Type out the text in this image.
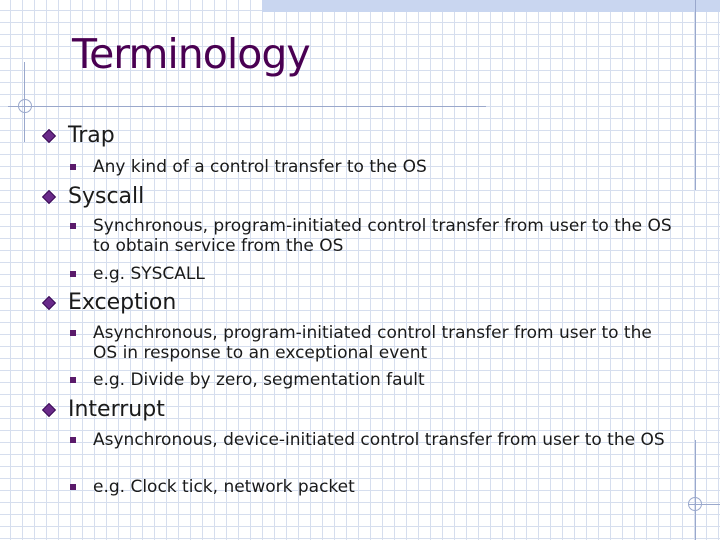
Terminology
Trap
Any kind of a control transfer to the OS
Syscall
Synchronous, program-initiated control transfer from user to the OS to obtain service from the OS
e.g. SYSCALL
Exception
Asynchronous, program-initiated control transfer from user to the OS in response to an exceptional event
e.g. Divide by zero, segmentation fault
Interrupt
Asynchronous, device-initiated control transfer from user to the OS
e.g. Clock tick, network packet
